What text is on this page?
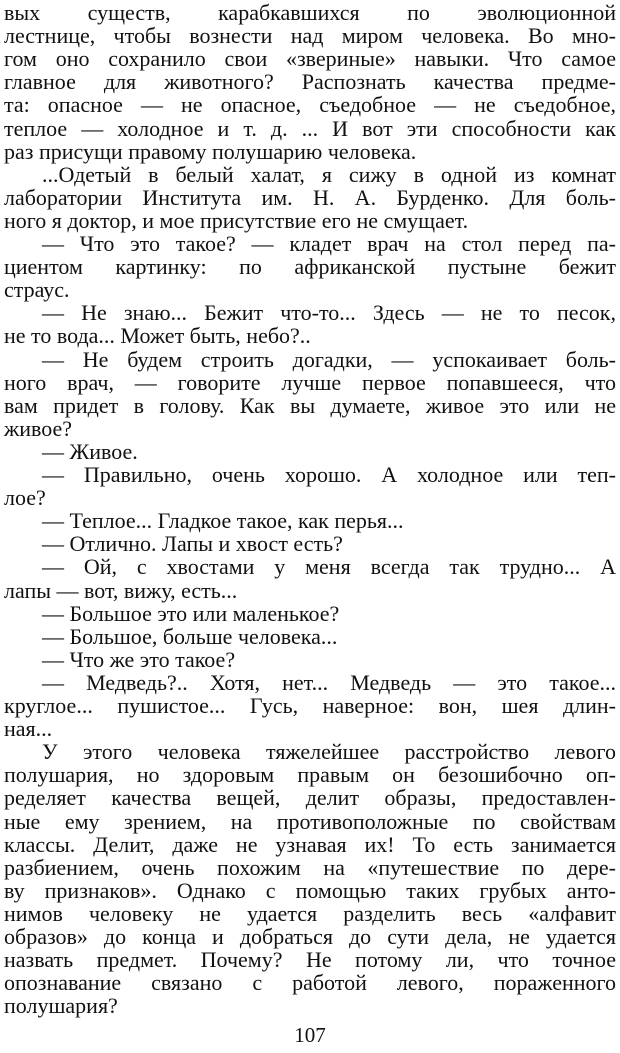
вых существ, карабкавшихся по эволюционной
лестнице, чтобы вознести над миром человека. Во мно-
гом оно сохранило свои «звериные» навыки. Что самое
главное для животного? Распознать качества предме-
та: опасное — не опасное, съедобное — не съедобное,
теплое — холодное и т. д. ... И вот эти способности как
раз присущи правому полушарию человека.
...Одетый в белый халат, я сижу в одной из комнат
лаборатории Института им. Н. А. Бурденко. Для боль-
ного я доктор, и мое присутствие его не смущает.
— Что это такое? — кладет врач на стол перед па-
циентом картинку: по африканской пустыне бежит
страус.
— Не знаю... Бежит что-то... Здесь — не то песок,
не то вода... Может быть, небо?..
— Не будем строить догадки, — успокаивает боль-
ного врач, — говорите лучше первое попавшееся, что
вам придет в голову. Как вы думаете, живое это или не
живое?
— Живое.
— Правильно, очень хорошо. А холодное или теп-
лое?
— Теплое... Гладкое такое, как перья...
— Отлично. Лапы и хвост есть?
— Ой, с хвостами у меня всегда так трудно... А
лапы — вот, вижу, есть...
— Большое это или маленькое?
— Большое, больше человека...
— Что же это такое?
— Медведь?.. Хотя, нет... Медведь — это такое...
круглое... пушистое... Гусь, наверное: вон, шея длин-
ная...
У этого человека тяжелейшее расстройство левого
полушария, но здоровым правым он безошибочно оп-
ределяет качества вещей, делит образы, предоставлен-
ные ему зрением, на противоположные по свойствам
классы. Делит, даже не узнавая их! То есть занимается
разбиением, очень похожим на «путешествие по дере-
ву признаков». Однако с помощью таких грубых анто-
нимов человеку не удается разделить весь «алфавит
образов» до конца и добраться до сути дела, не удается
назвать предмет. Почему? Не потому ли, что точное
опознавание связано с работой левого, пораженного
полушария?
107
